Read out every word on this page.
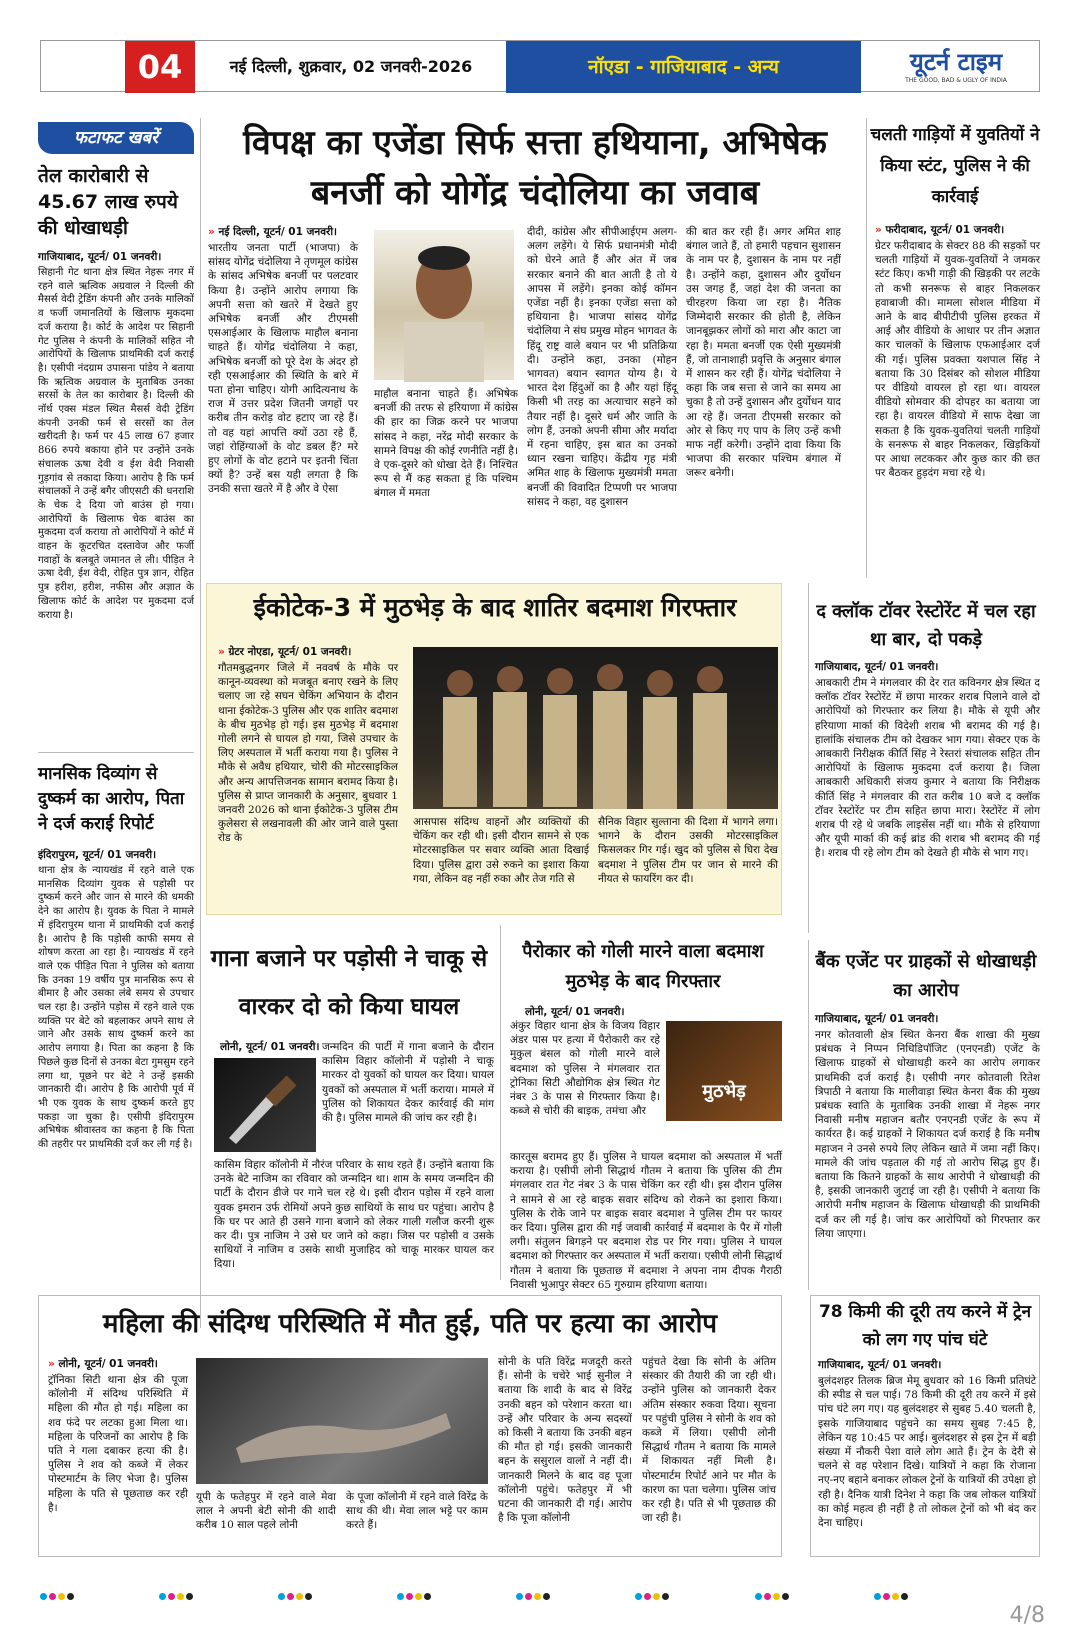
04	नई दिल्ली, शुक्रवार, 02 जनवरी-2026	नॉएडा - गाजियाबाद - अन्य	यूटर्न टाइम
THE GOOD, BAD & UGLY OF INDIA
फटाफट खबरें
तेल कारोबारी से 45.67 लाख रुपये की धोखाधड़ी
गाजियाबाद, यूटर्न/ 01 जनवरी।
सिहानी गेट थाना क्षेत्र स्थित नेहरू नगर में रहने वाले ऋत्विक अग्रवाल ने दिल्ली की मैसर्स वेदी ट्रेडिंग कंपनी और उनके मालिकों व फर्जी जमानतियों के खिलाफ मुकदमा दर्ज कराया है। कोर्ट के आदेश पर सिहानी गेट पुलिस ने कंपनी के मालिकों सहित नौ आरोपियों के खिलाफ प्राथमिकी दर्ज कराई है। एसीपी नंदग्राम उपासना पांडेय ने बताया कि ऋत्विक अग्रवाल के मुताबिक उनका सरसों के तेल का कारोबार है। दिल्ली की नॉर्थ एक्स मंडल स्थित मैसर्स वेदी ट्रेडिंग कंपनी उनकी फर्म से सरसों का तेल खरीदती है। फर्म पर 45 लाख 67 हजार 866 रुपये बकाया होने पर उन्होंने उनके संचालक ऊषा देवी व ईश वेदी निवासी गुड़गांव से तकादा किया। आरोप है कि फर्म संचालकों ने उन्हें बगैर जीएसटी की धनराशि के चेक दे दिया जो बाउंस हो गया। आरोपियों के खिलाफ चेक बाउंस का मुकदमा दर्ज कराया तो आरोपियों ने कोर्ट में वाहन के कूटरचित दस्तावेज और फर्जी गवाहों के बलबूते जमानत ले ली। पीड़ित ने ऊषा देवी, ईश वेदी, रोहित पुत्र ज्ञान, रोहित पुत्र हरीश, हरीश, नफीस और अज्ञात के खिलाफ कोर्ट के आदेश पर मुकदमा दर्ज कराया है।
मानसिक दिव्यांग से दुष्कर्म का आरोप, पिता ने दर्ज कराई रिपोर्ट
इंदिरापुरम, यूटर्न/ 01 जनवरी।
थाना क्षेत्र के न्यायखंड में रहने वाले एक मानसिक दिव्यांग युवक से पड़ोसी पर दुष्कर्म करने और जान से मारने की धमकी देने का आरोप है। युवक के पिता ने मामले में इंदिरापुरम थाना में प्राथमिकी दर्ज कराई है। आरोप है कि पड़ोसी काफी समय से शोषण करता आ रहा है। न्यायखंड में रहने वाले एक पीड़ित पिता ने पुलिस को बताया कि उनका 19 वर्षीय पुत्र मानसिक रूप से बीमार है और उसका लंबे समय से उपचार चल रहा है। उन्होंने पड़ोस में रहने वाले एक व्यक्ति पर बेटे को बहलाकर अपने साथ ले जाने और उसके साथ दुष्कर्म करने का आरोप लगाया है। पिता का कहना है कि पिछले कुछ दिनों से उनका बेटा गुमसुम रहने लगा था, पूछने पर बेटे ने उन्हें इसकी जानकारी दी। आरोप है कि आरोपी पूर्व में भी एक युवक के साथ दुष्कर्म करते हुए पकड़ा जा चुका है। एसीपी इंदिरापुरम अभिषेक श्रीवास्तव का कहना है कि पिता की तहरीर पर प्राथमिकी दर्ज कर ली गई है।
विपक्ष का एजेंडा सिर्फ सत्ता हथियाना, अभिषेक बनर्जी को योगेंद्र चंदोलिया का जवाब
» नई दिल्ली, यूटर्न/ 01 जनवरी।
भारतीय जनता पार्टी (भाजपा) के सांसद योगेंद्र चंदोलिया ने तृणमूल कांग्रेस के सांसद अभिषेक बनर्जी पर पलटवार किया है। उन्होंने आरोप लगाया कि अपनी सत्ता को खतरे में देखते हुए अभिषेक बनर्जी और टीएमसी एसआईआर के खिलाफ माहौल बनाना चाहते हैं। योगेंद्र चंदोलिया ने कहा, अभिषेक बनर्जी को पूरे देश के अंदर हो रही एसआईआर की स्थिति के बारे में पता होना चाहिए। योगी आदित्यनाथ के राज में उत्तर प्रदेश जितनी जगहों पर करीब तीन करोड़ वोट हटाए जा रहे हैं। तो वह यहां आपत्ति क्यों उठा रहे हैं, जहां रोहिंग्याओं के वोट डबल हैं? मरे हुए लोगों के वोट हटाने पर इतनी चिंता क्यों है? उन्हें बस यही लगता है कि उनकी सत्ता खतरे में है और वे ऐसा
माहौल बनाना चाहते हैं। अभिषेक बनर्जी की तरफ से हरियाणा में कांग्रेस की हार का जिक्र करने पर भाजपा सांसद ने कहा, नरेंद्र मोदी सरकार के सामने विपक्ष की कोई रणनीति नहीं है। वे एक-दूसरे को धोखा देते हैं। निश्चित रूप से मैं कह सकता हूं कि पश्चिम बंगाल में ममता
दीदी, कांग्रेस और सीपीआईएम अलग-अलग लड़ेंगे। ये सिर्फ प्रधानमंत्री मोदी को घेरने आते हैं और अंत में जब सरकार बनाने की बात आती है तो ये आपस में लड़ेंगे। इनका कोई कॉमन एजेंडा नहीं है। इनका एजेंडा सत्ता को हथियाना है। भाजपा सांसद योगेंद्र चंदोलिया ने संघ प्रमुख मोहन भागवत के हिंदू राष्ट्र वाले बयान पर भी प्रतिक्रिया दी। उन्होंने कहा, उनका (मोहन भागवत) बयान स्वागत योग्य है। ये भारत देश हिंदुओं का है और यहां हिंदू किसी भी तरह का अत्याचार सहने को तैयार नहीं है। दूसरे धर्म और जाति के लोग हैं, उनको अपनी सीमा और मर्यादा में रहना चाहिए, इस बात का उनको ध्यान रखना चाहिए। केंद्रीय गृह मंत्री अमित शाह के खिलाफ मुख्यमंत्री ममता बनर्जी की विवादित टिप्पणी पर भाजपा सांसद ने कहा, वह दुशासन
की बात कर रही हैं। अगर अमित शाह बंगाल जाते हैं, तो हमारी पहचान सुशासन के नाम पर है, दुशासन के नाम पर नहीं है। उन्होंने कहा, दुशासन और दुर्योधन उस जगह हैं, जहां देश की जनता का चीरहरण किया जा रहा है। नैतिक जिम्मेदारी सरकार की होती है, लेकिन जानबूझकर लोगों को मारा और काटा जा रहा है। ममता बनर्जी एक ऐसी मुख्यमंत्री हैं, जो तानाशाही प्रवृत्ति के अनुसार बंगाल में शासन कर रही हैं। योगेंद्र चंदोलिया ने कहा कि जब सत्ता से जाने का समय आ चुका है तो उन्हें दुशासन और दुर्योधन याद आ रहे हैं। जनता टीएमसी सरकार को ओर से किए गए पाप के लिए उन्हें कभी माफ नहीं करेगी। उन्होंने दावा किया कि भाजपा की सरकार पश्चिम बंगाल में जरूर बनेगी।
चलती गाड़ियों में युवतियों ने किया स्टंट, पुलिस ने की कार्रवाई
» फरीदाबाद, यूटर्न/ 01 जनवरी।
ग्रेटर फरीदाबाद के सेक्टर 88 की सड़कों पर चलती गाड़ियों में युवक-युवतियों ने जमकर स्टंट किए। कभी गाड़ी की खिड़की पर लटके तो कभी सनरूफ से बाहर निकलकर हवाबाजी की। मामला सोशल मीडिया में आने के बाद बीपीटीपी पुलिस हरकत में आई और वीडियो के आधार पर तीन अज्ञात कार चालकों के खिलाफ एफआईआर दर्ज की गई। पुलिस प्रवक्ता यशपाल सिंह ने बताया कि 30 दिसंबर को सोशल मीडिया पर वीडियो वायरल हो रहा था। वायरल वीडियो सोमवार की दोपहर का बताया जा रहा है। वायरल वीडियो में साफ देखा जा सकता है कि युवक-युवतियां चलती गाड़ियों के सनरूफ से बाहर निकलकर, खिड़कियों पर आधा लटककर और कुछ कार की छत पर बैठकर हुड़दंग मचा रहे थे।
ईकोटेक-3 में मुठभेड़ के बाद शातिर बदमाश गिरफ्तार
» ग्रेटर नोएडा, यूटर्न/ 01 जनवरी।
गौतमबुद्धनगर जिले में नववर्ष के मौके पर कानून-व्यवस्था को मजबूत बनाए रखने के लिए चलाए जा रहे सघन चेकिंग अभियान के दौरान थाना ईकोटेक-3 पुलिस और एक शातिर बदमाश के बीच मुठभेड़ हो गई। इस मुठभेड़ में बदमाश गोली लगने से घायल हो गया, जिसे उपचार के लिए अस्पताल में भर्ती कराया गया है। पुलिस ने मौके से अवैध हथियार, चोरी की मोटरसाइकिल और अन्य आपत्तिजनक सामान बरामद किया है। पुलिस से प्राप्त जानकारी के अनुसार, बुधवार 1 जनवरी 2026 को थाना ईकोटेक-3 पुलिस टीम कुलेसरा से लखनावली की ओर जाने वाले पुस्ता रोड के
आसपास संदिग्ध वाहनों और व्यक्तियों की चेकिंग कर रही थी। इसी दौरान सामने से एक मोटरसाइकिल पर सवार व्यक्ति आता दिखाई दिया। पुलिस द्वारा उसे रुकने का इशारा किया गया, लेकिन वह नहीं रुका और तेज गति से
सैनिक विहार सुल्ताना की दिशा में भागने लगा। भागने के दौरान उसकी मोटरसाइकिल फिसलकर गिर गई। खुद को पुलिस से घिरा देख बदमाश ने पुलिस टीम पर जान से मारने की नीयत से फायरिंग कर दी।
द क्लॉक टॉवर रेस्टोरेंट में चल रहा था बार, दो पकड़े
गाजियाबाद, यूटर्न/ 01 जनवरी।
आबकारी टीम ने मंगलवार की देर रात कविनगर क्षेत्र स्थित द क्लॉक टॉवर रेस्टोरेंट में छापा मारकर शराब पिलाने वाले दो आरोपियों को गिरफ्तार कर लिया है। मौके से यूपी और हरियाणा मार्का की विदेशी शराब भी बरामद की गई है। हालांकि संचालक टीम को देखकर भाग गया। सेक्टर एक के आबकारी निरीक्षक कीर्ति सिंह ने रेस्तरां संचालक सहित तीन आरोपियों के खिलाफ मुकदमा दर्ज कराया है। जिला आबकारी अधिकारी संजय कुमार ने बताया कि निरीक्षक कीर्ति सिंह ने मंगलवार की रात करीब 10 बजे द क्लॉक टॉवर रेस्टोरेंट पर टीम सहित छापा मारा। रेस्टोरेंट में लोग शराब पी रहे थे जबकि लाइसेंस नहीं था। मौके से हरियाणा और यूपी मार्का की कई ब्रांड की शराब भी बरामद की गई है। शराब पी रहे लोग टीम को देखते ही मौके से भाग गए।
गाना बजाने पर पड़ोसी ने चाकू से वारकर दो को किया घायल
लोनी, यूटर्न/ 01 जनवरी। जन्मदिन की पार्टी में गाना बजाने के दौरान कासिम विहार कॉलोनी में पड़ोसी ने चाकू मारकर दो युवकों को घायल कर दिया। घायल युवकों को अस्पताल में भर्ती कराया। मामले में पुलिस को शिकायत देकर कार्रवाई की मांग की है। पुलिस मामले की जांच कर रही है।
कासिम विहार कॉलोनी में नौरंज परिवार के साथ रहते हैं। उन्होंने बताया कि उनके बेटे नाजिम का रविवार को जन्मदिन था। शाम के समय जन्मदिन की पार्टी के दौरान डीजे पर गाने चल रहे थे। इसी दौरान पड़ोस में रहने वाला युवक इमरान उर्फ रोमियों अपने कुछ साथियों के साथ घर पहुंचा। आरोप है कि घर पर आते ही उसने गाना बजाने को लेकर गाली गलौज करनी शुरू कर दी। पुत्र नाजिम ने उसे घर जाने को कहा। जिस पर पड़ोसी व उसके साथियों ने नाजिम व उसके साथी मुजाहिद को चाकू मारकर घायल कर दिया।
पैरोकार को गोली मारने वाला बदमाश मुठभेड़ के बाद गिरफ्तार
लोनी, यूटर्न/ 01 जनवरी।
अंकुर विहार थाना क्षेत्र के विजय विहार अंडर पास पर हत्या में पैरोकारी कर रहे मुकुल बंसल को गोली मारने वाले बदमाश को पुलिस ने मंगलवार रात ट्रोनिका सिटी औद्योगिक क्षेत्र स्थित गेट नंबर 3 के पास से गिरफ्तार किया है। कब्जे से चोरी की बाइक, तमंचा और
मुठभेड़
कारतूस बरामद हुए हैं। पुलिस ने घायल बदमाश को अस्पताल में भर्ती कराया है। एसीपी लोनी सिद्धार्थ गौतम ने बताया कि पुलिस की टीम मंगलवार रात गेट नंबर 3 के पास चेकिंग कर रही थी। इस दौरान पुलिस ने सामने से आ रहे बाइक सवार संदिग्ध को रोकने का इशारा किया। पुलिस के रोके जाने पर बाइक सवार बदमाश ने पुलिस टीम पर फायर कर दिया। पुलिस द्वारा की गई जवाबी कार्रवाई में बदमाश के पैर में गोली लगी। संतुलन बिगड़ने पर बदमाश रोड पर गिर गया। पुलिस ने घायल बदमाश को गिरफ्तार कर अस्पताल में भर्ती कराया। एसीपी लोनी सिद्धार्थ गौतम ने बताया कि पूछताछ में बदमाश ने अपना नाम दीपक गैराठी निवासी भुआपुर सेक्टर 65 गुरुग्राम हरियाणा बताया।
बैंक एजेंट पर ग्राहकों से धोखाधड़ी का आरोप
गाजियाबाद, यूटर्न/ 01 जनवरी।
नगर कोतवाली क्षेत्र स्थित केनरा बैंक शाखा की मुख्य प्रबंधक ने निप्पन निधिडिपॉजिट (एनएनडी) एजेंट के खिलाफ ग्राहकों से धोखाधड़ी करने का आरोप लगाकर प्राथमिकी दर्ज कराई है। एसीपी नगर कोतवाली रितेश त्रिपाठी ने बताया कि मालीवाड़ा स्थित केनरा बैंक की मुख्य प्रबंधक स्वाति के मुताबिक उनकी शाखा में नेहरू नगर निवासी मनीष महाजन बतौर एनएनडी एजेंट के रूप में कार्यरत है। कई ग्राहकों ने शिकायत दर्ज कराई है कि मनीष महाजन ने उनसे रुपये लिए लेकिन खाते में जमा नहीं किए। मामले की जांच पड़ताल की गई तो आरोप सिद्ध हुए हैं। बताया कि कितने ग्राहकों के साथ आरोपी ने धोखाधड़ी की है, इसकी जानकारी जुटाई जा रही है। एसीपी ने बताया कि आरोपी मनीष महाजन के खिलाफ धोखाधड़ी की प्राथमिकी दर्ज कर ली गई है। जांच कर आरोपियों को गिरफ्तार कर लिया जाएगा।
महिला की संदिग्ध परिस्थिति में मौत हुई, पति पर हत्या का आरोप
» लोनी, यूटर्न/ 01 जनवरी।
ट्रॉनिका सिटी थाना क्षेत्र की पूजा कॉलोनी में संदिग्ध परिस्थिति में महिला की मौत हो गई। महिला का शव फंदे पर लटका हुआ मिला था। महिला के परिजनों का आरोप है कि पति ने गला दबाकर हत्या की है। पुलिस ने शव को कब्जे में लेकर पोस्टमार्टम के लिए भेजा है। पुलिस महिला के पति से पूछताछ कर रही है।
यूपी के फतेहपुर में रहने वाले मेवा लाल ने अपनी बेटी सोनी की शादी करीब 10 साल पहले लोनी
के पूजा कॉलोनी में रहने वाले विरेंद्र के साथ की थी। मेवा लाल भट्टे पर काम करते हैं।
सोनी के पति विरेंद्र मजदूरी करते हैं। सोनी के चचेरे भाई सुनील ने बताया कि शादी के बाद से विरेंद्र उनकी बहन को परेशान करता था। उन्हें और परिवार के अन्य सदस्यों को किसी ने बताया कि उनकी बहन की मौत हो गई। इसकी जानकारी बहन के ससुराल वालों ने नहीं दी। जानकारी मिलने के बाद वह पूजा कॉलोनी पहुंचे। फतेहपुर में भी घटना की जानकारी दी गई। आरोप है कि पूजा कॉलोनी
पहुंचते देखा कि सोनी के अंतिम संस्कार की तैयारी की जा रही थी। उन्होंने पुलिस को जानकारी देकर अंतिम संस्कार रुकवा दिया। सूचना पर पहुंची पुलिस ने सोनी के शव को कब्जे में लिया। एसीपी लोनी सिद्धार्थ गौतम ने बताया कि मामले में शिकायत नहीं मिली है। पोस्टमार्टम रिपोर्ट आने पर मौत के कारण का पता चलेगा। पुलिस जांच कर रही है। पति से भी पूछताछ की जा रही है।
78 किमी की दूरी तय करने में ट्रेन को लग गए पांच घंटे
गाजियाबाद, यूटर्न/ 01 जनवरी।
बुलंदशहर तिलक ब्रिज मेमू बुधवार को 16 किमी प्रतिघंटे की स्पीड से चल पाई। 78 किमी की दूरी तय करने में इसे पांच घंटे लग गए। यह बुलंदशहर से सुबह 5.40 चलती है, इसके गाजियाबाद पहुंचने का समय सुबह 7:45 है, लेकिन यह 10:45 पर आई। बुलंदशहर से इस ट्रेन में बड़ी संख्या में नौकरी पेशा वाले लोग आते हैं। ट्रेन के देरी से चलने से वह परेशान दिखे। यात्रियों ने कहा कि रोजाना नए-नए बहाने बनाकर लोकल ट्रेनों के यात्रियों की उपेक्षा हो रही है। दैनिक यात्री दिनेश ने कहा कि जब लोकल यात्रियों का कोई महत्व ही नहीं है तो लोकल ट्रेनों को भी बंद कर देना चाहिए।

4/8
